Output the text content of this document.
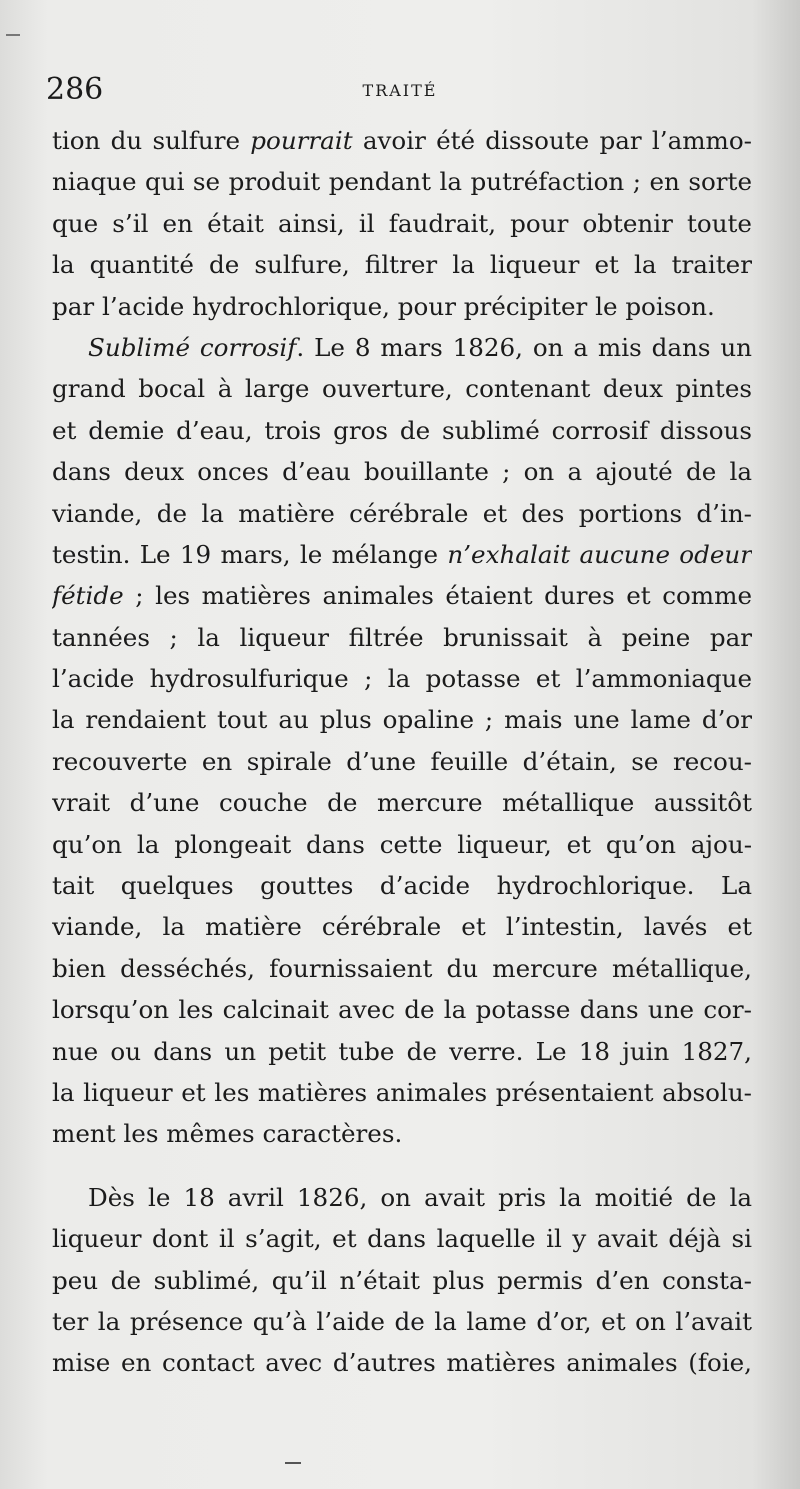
286	TRAITÉ
tion du sulfure pourrait avoir été dissoute par l’ammo-
niaque qui se produit pendant la putréfaction ; en sorte
que s’il en était ainsi, il faudrait, pour obtenir toute
la quantité de sulfure, filtrer la liqueur et la traiter
par l’acide hydrochlorique, pour précipiter le poison.
Sublimé corrosif. Le 8 mars 1826, on a mis dans un
grand bocal à large ouverture, contenant deux pintes
et demie d’eau, trois gros de sublimé corrosif dissous
dans deux onces d’eau bouillante ; on a ajouté de la
viande, de la matière cérébrale et des portions d’in-
testin. Le 19 mars, le mélange n’exhalait aucune odeur
fétide ; les matières animales étaient dures et comme
tannées ; la liqueur filtrée brunissait à peine par
l’acide hydrosulfurique ; la potasse et l’ammoniaque
la rendaient tout au plus opaline ; mais une lame d’or
recouverte en spirale d’une feuille d’étain, se recou-
vrait d’une couche de mercure métallique aussitôt
qu’on la plongeait dans cette liqueur, et qu’on ajou-
tait quelques gouttes d’acide hydrochlorique. La
viande, la matière cérébrale et l’intestin, lavés et
bien desséchés, fournissaient du mercure métallique,
lorsqu’on les calcinait avec de la potasse dans une cor-
nue ou dans un petit tube de verre. Le 18 juin 1827,
la liqueur et les matières animales présentaient absolu-
ment les mêmes caractères.
Dès le 18 avril 1826, on avait pris la moitié de la
liqueur dont il s’agit, et dans laquelle il y avait déjà si
peu de sublimé, qu’il n’était plus permis d’en consta-
ter la présence qu’à l’aide de la lame d’or, et on l’avait
mise en contact avec d’autres matières animales (foie,
